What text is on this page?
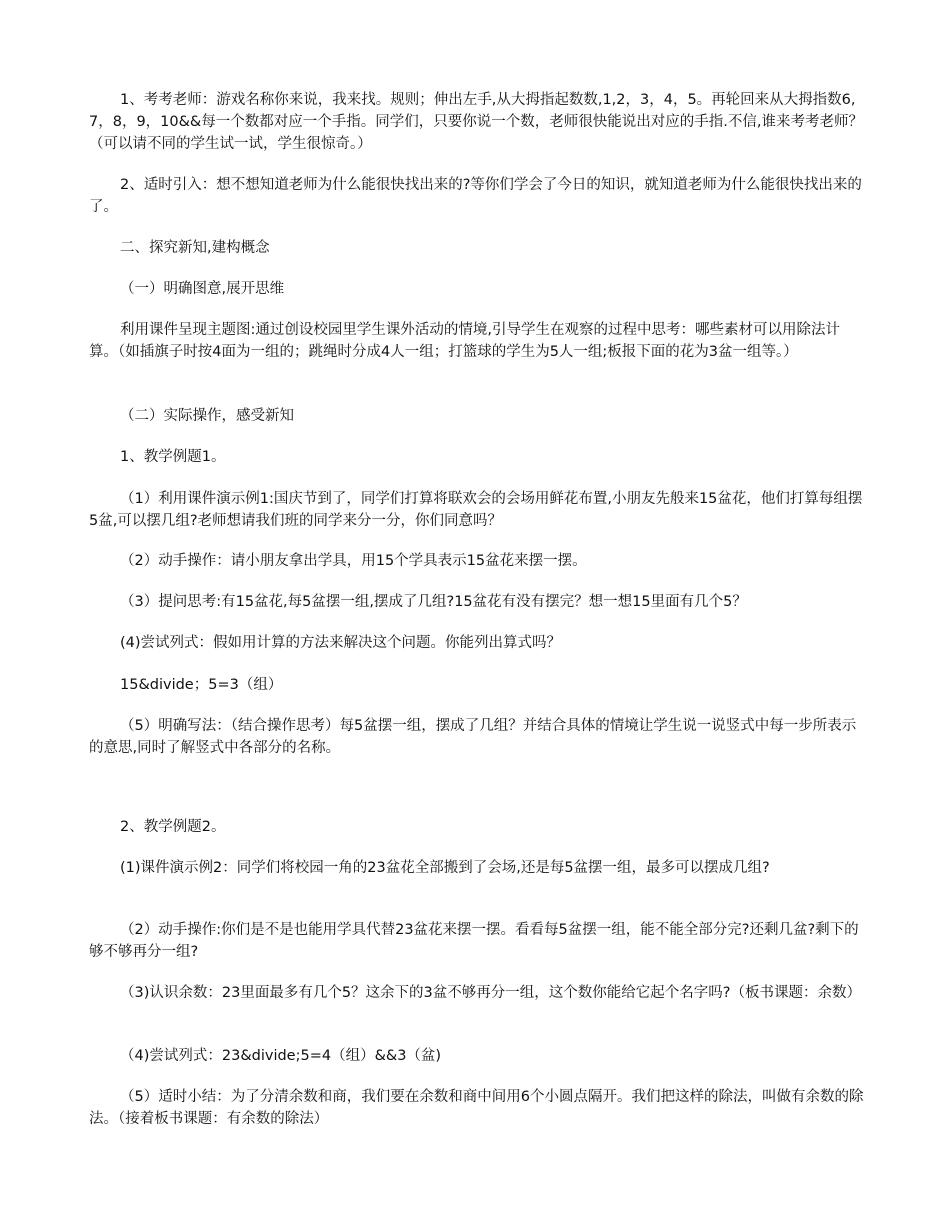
1、考考老师：游戏名称你来说，我来找。规则；伸出左手,从大拇指起数数,1,2，3，4，5。再轮回来从大拇指数6,7，8，9，10&&每一个数都对应一个手指。同学们，只要你说一个数，老师很快能说出对应的手指.不信,谁来考考老师？（可以请不同的学生试一试，学生很惊奇。）

2、适时引入：想不想知道老师为什么能很快找出来的?等你们学会了今日的知识，就知道老师为什么能很快找出来的了。

二、探究新知,建构概念

（一）明确图意,展开思维

利用课件呈现主题图:通过创设校园里学生课外活动的情境,引导学生在观察的过程中思考：哪些素材可以用除法计算。（如插旗子时按4面为一组的；跳绳时分成4人一组；打篮球的学生为5人一组;板报下面的花为3盆一组等。）

（二）实际操作，感受新知

1、教学例题1。

（1）利用课件演示例1:国庆节到了，同学们打算将联欢会的会场用鲜花布置,小朋友先般来15盆花，他们打算每组摆5盆,可以摆几组?老师想请我们班的同学来分一分，你们同意吗？

（2）动手操作：请小朋友拿出学具，用15个学具表示15盆花来摆一摆。

（3）提问思考:有15盆花,每5盆摆一组,摆成了几组?15盆花有没有摆完？想一想15里面有几个5？

(4)尝试列式：假如用计算的方法来解决这个问题。你能列出算式吗？

15&divide；5=3（组）

（5）明确写法：（结合操作思考）每5盆摆一组，摆成了几组？并结合具体的情境让学生说一说竖式中每一步所表示的意思,同时了解竖式中各部分的名称。

2、教学例题2。

(1)课件演示例2：同学们将校园一角的23盆花全部搬到了会场,还是每5盆摆一组，最多可以摆成几组?

（2）动手操作:你们是不是也能用学具代替23盆花来摆一摆。看看每5盆摆一组，能不能全部分完?还剩几盆?剩下的够不够再分一组?

（3)认识余数：23里面最多有几个5？这余下的3盆不够再分一组，这个数你能给它起个名字吗?（板书课题：余数）

（4)尝试列式：23&divide;5=4（组）&&3（盆)

（5）适时小结：为了分清余数和商，我们要在余数和商中间用6个小圆点隔开。我们把这样的除法，叫做有余数的除法。（接着板书课题：有余数的除法）
